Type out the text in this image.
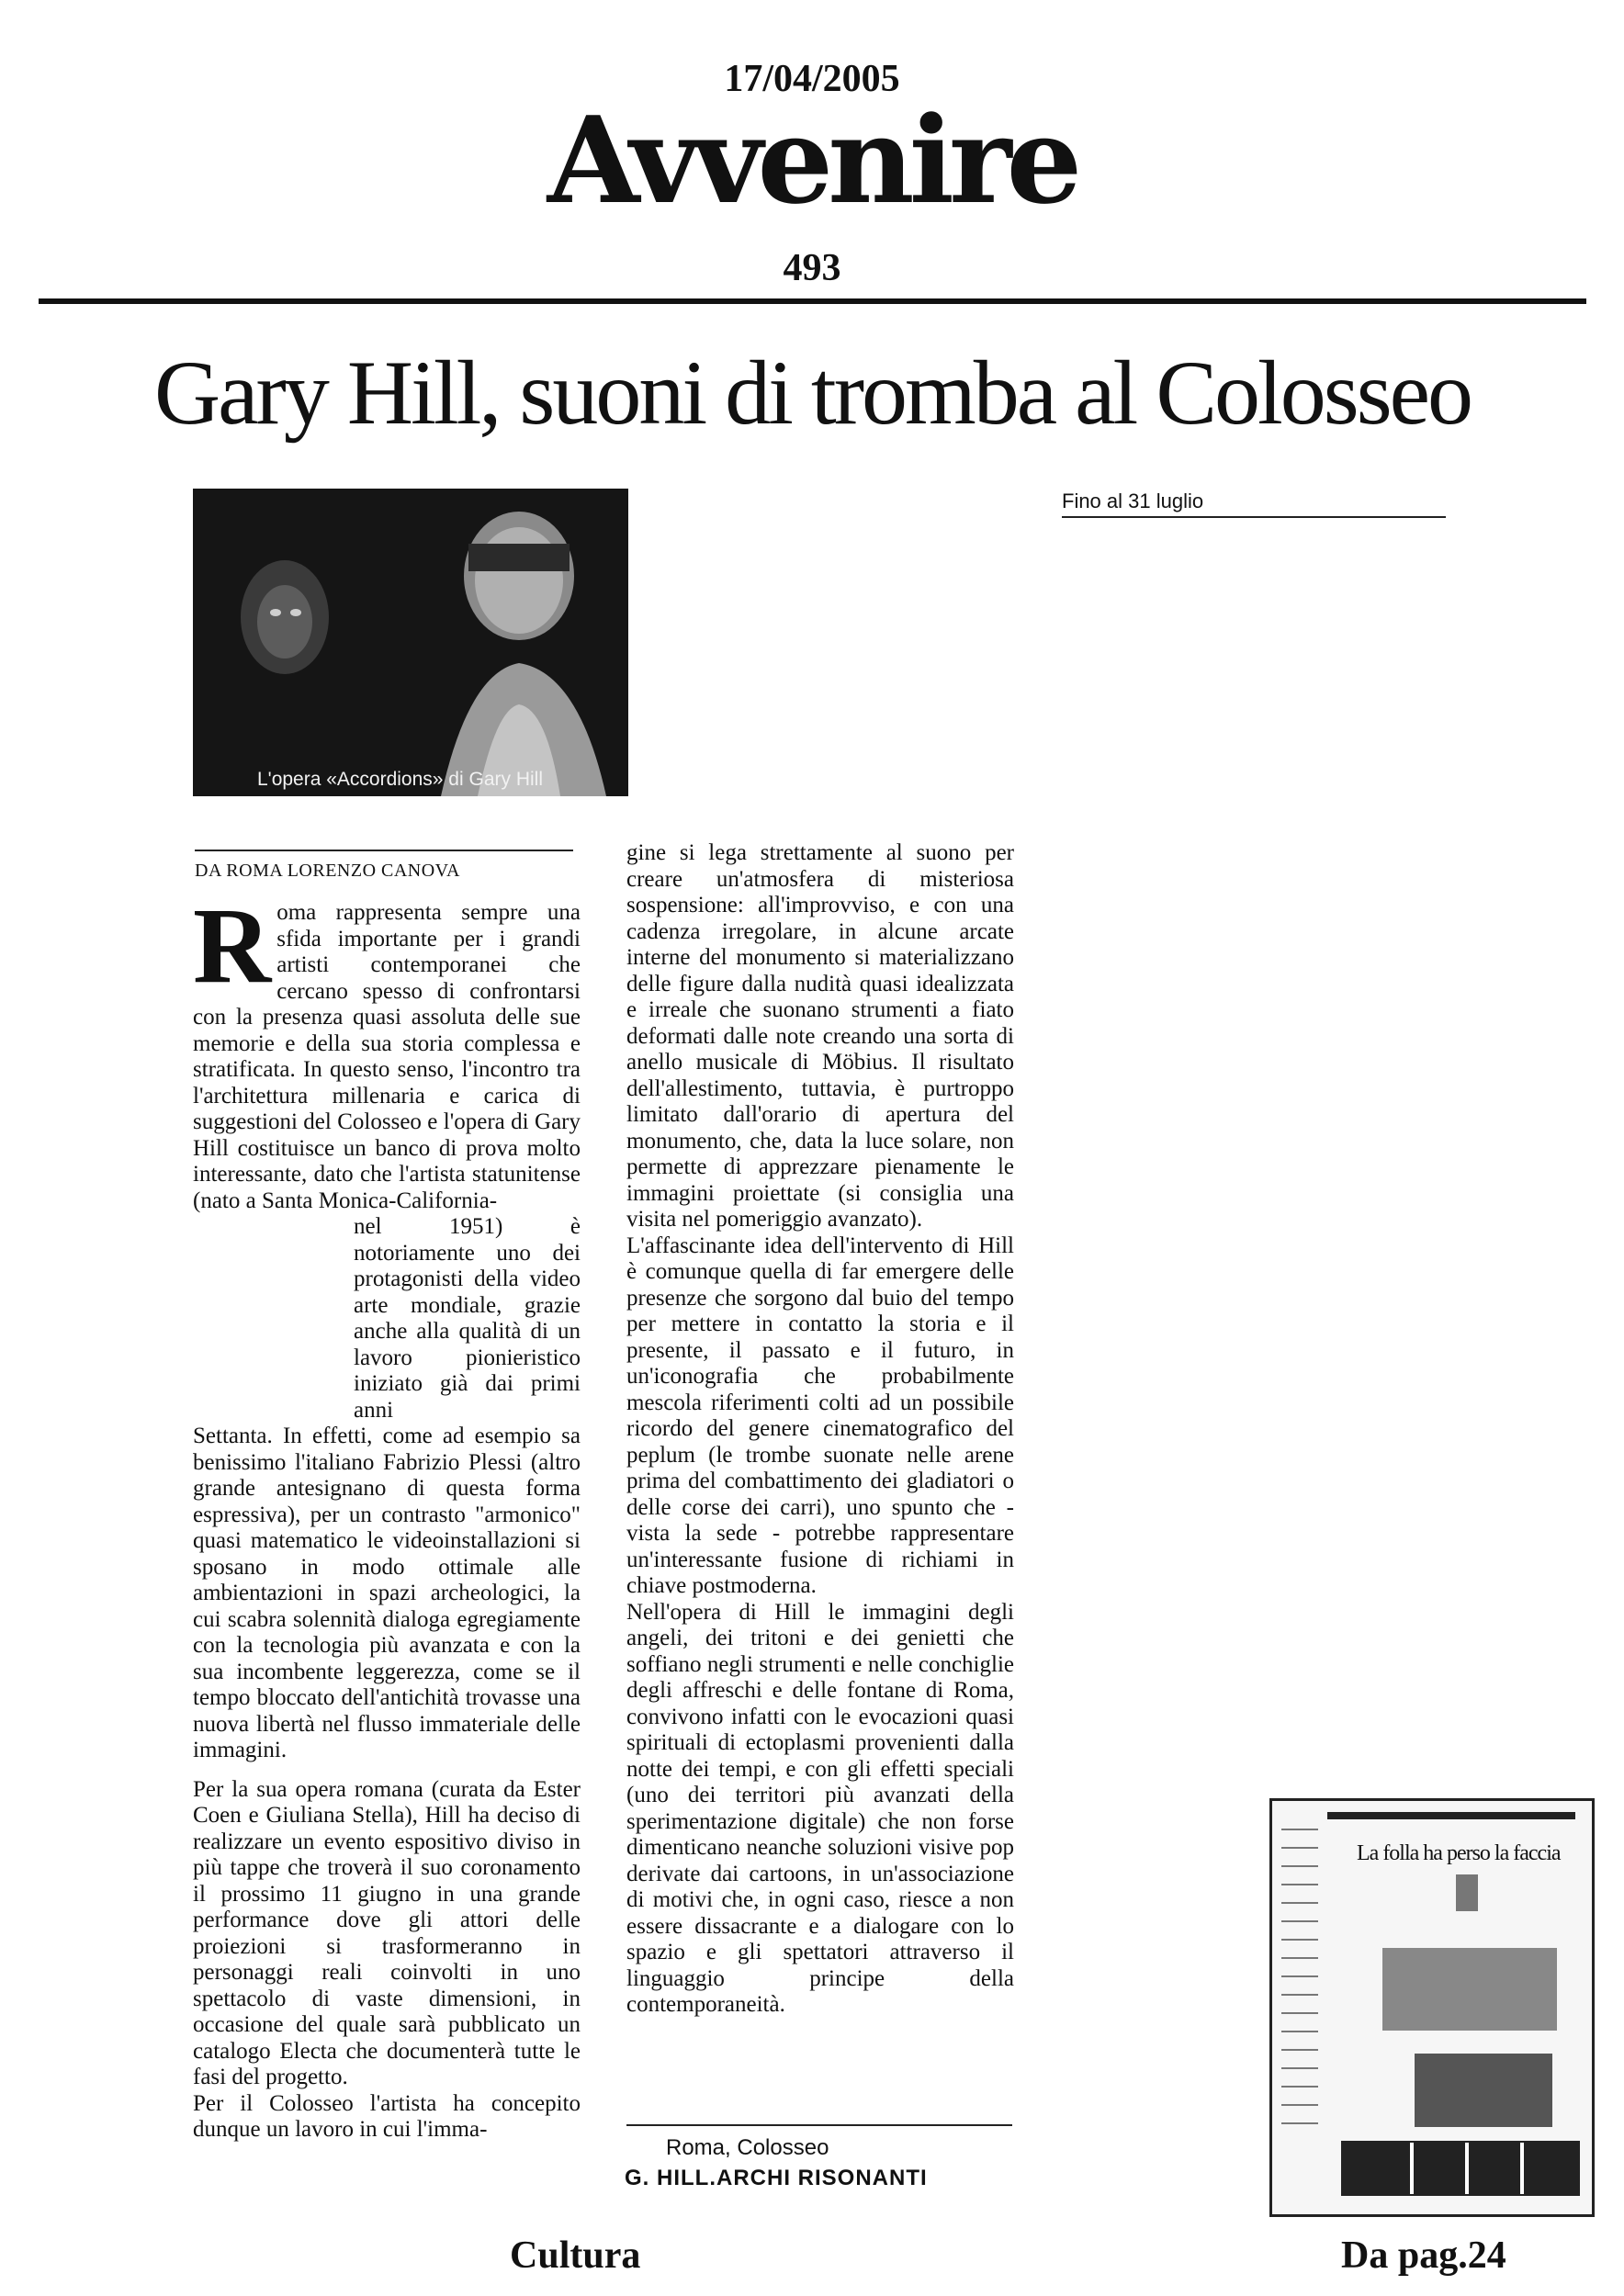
17/04/2005
Avvenire
493
Gary Hill, suoni di tromba al Colosseo
Fino al 31 luglio
L'opera «Accordions» di Gary Hill
DA ROMA LORENZO CANOVA

R oma rappresenta sempre una sfida importante per i grandi artisti contemporanei che cercano spesso di confrontarsi con la presenza quasi assoluta delle sue memorie e della sua storia complessa e stratificata. In questo senso, l'incontro tra l'architettura millenaria e carica di suggestioni del Colosseo e l'opera di Gary Hill costituisce un banco di prova molto interessante, dato che l'artista statunitense (nato a Santa Monica-California-

nel 1951) è notoriamente uno dei protagonisti della video arte mondiale, grazie anche alla qualità di un lavoro pionieristico iniziato già dai primi anni

Settanta. In effetti, come ad esempio sa benissimo l'italiano Fabrizio Plessi (altro grande antesignano di questa forma espressiva), per un contrasto "armonico" quasi matematico le videoinstallazioni si sposano in modo ottimale alle ambientazioni in spazi archeologici, la cui scabra solennità dialoga egregiamente con la tecnologia più avanzata e con la sua incombente leggerezza, come se il tempo bloccato dell'antichità trovasse una nuova libertà nel flusso immateriale delle immagini.

Per la sua opera romana (curata da Ester Coen e Giuliana Stella), Hill ha deciso di realizzare un evento espositivo diviso in più tappe che troverà il suo coronamento il prossimo 11 giugno in una grande performance dove gli attori delle proiezioni si trasformeranno in personaggi reali coinvolti in uno spettacolo di vaste dimensioni, in occasione del quale sarà pubblicato un catalogo Electa che documenterà tutte le fasi del progetto.

Per il Colosseo l'artista ha concepito dunque un lavoro in cui l'imma-

gine si lega strettamente al suono per creare un'atmosfera di misteriosa sospensione: all'improvviso, e con una cadenza irregolare, in alcune arcate interne del monumento si materializzano delle figure dalla nudità quasi idealizzata e irreale che suonano strumenti a fiato deformati dalle note creando una sorta di anello musicale di Möbius. Il risultato dell'allestimento, tuttavia, è purtroppo limitato dall'orario di apertura del monumento, che, data la luce solare, non permette di apprezzare pienamente le immagini proiettate (si consiglia una visita nel pomeriggio avanzato).

L'affascinante idea dell'intervento di Hill è comunque quella di far emergere delle presenze che sorgono dal buio del tempo per mettere in contatto la storia e il presente, il passato e il futuro, in un'iconografia che probabilmente mescola riferimenti colti ad un possibile ricordo del genere cinematografico del peplum (le trombe suonate nelle arene prima del combattimento dei gladiatori o delle corse dei carri), uno spunto che - vista la sede - potrebbe rappresentare un'interessante fusione di richiami in chiave postmoderna.

Nell'opera di Hill le immagini degli angeli, dei tritoni e dei genietti che soffiano negli strumenti e nelle conchiglie degli affreschi e delle fontane di Roma, convivono infatti con le evocazioni quasi spirituali di ectoplasmi provenienti dalla notte dei tempi, e con gli effetti speciali (uno dei territori più avanzati della sperimentazione digitale) che non forse dimenticano neanche soluzioni visive pop derivate dai cartoons, in un'associazione di motivi che, in ogni caso, riesce a non essere dissacrante e a dialogare con lo spazio e gli spettatori attraverso il linguaggio principe della contemporaneità.

Roma, Colosseo
G. HILL.ARCHI RISONANTI
Cultura	Da pag.24
La folla ha perso la faccia
